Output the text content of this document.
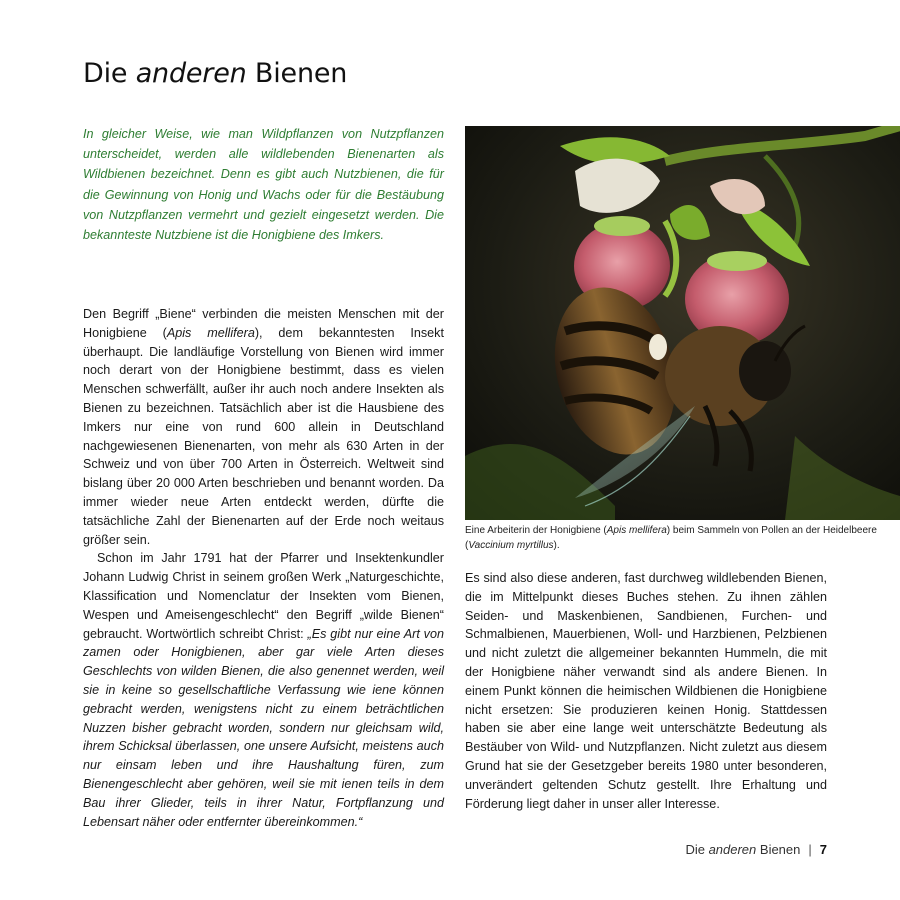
Die anderen Bienen

In gleicher Weise, wie man Wildpflanzen von Nutzpflanzen unterscheidet, werden alle wildlebenden Bienenarten als Wildbienen bezeichnet. Denn es gibt auch Nutzbienen, die für die Gewinnung von Honig und Wachs oder für die Bestäubung von Nutzpflanzen vermehrt und gezielt eingesetzt werden. Die bekannteste Nutzbiene ist die Honigbiene des Imkers.

Den Begriff „Biene“ verbinden die meisten Menschen mit der Honigbiene (Apis mellifera), dem bekanntesten Insekt überhaupt. Die landläufige Vorstellung von Bienen wird immer noch derart von der Honigbiene bestimmt, dass es vielen Menschen schwerfällt, außer ihr auch noch andere Insekten als Bienen zu bezeichnen. Tatsächlich aber ist die Hausbiene des Imkers nur eine von rund 600 allein in Deutschland nachgewiesenen Bienenarten, von mehr als 630 Arten in der Schweiz und von über 700 Arten in Österreich. Weltweit sind bislang über 20 000 Arten beschrieben und benannt worden. Da immer wieder neue Arten entdeckt werden, dürfte die tatsächliche Zahl der Bienenarten auf der Erde noch weitaus größer sein.

Schon im Jahr 1791 hat der Pfarrer und Insektenkundler Johann Ludwig Christ in seinem großen Werk „Naturgeschichte, Klassification und Nomenclatur der Insekten vom Bienen, Wespen und Ameisengeschlecht“ den Begriff „wilde Bienen“ gebraucht. Wortwörtlich schreibt Christ: „Es gibt nur eine Art von zamen oder Honigbienen, aber gar viele Arten dieses Geschlechts von wilden Bienen, die also genennet werden, weil sie in keine so gesellschaftliche Verfassung wie iene können gebracht werden, wenigstens nicht zu einem beträchtlichen Nuzzen bisher gebracht worden, sondern nur gleichsam wild, ihrem Schicksal überlassen, one unsere Aufsicht, meistens auch nur einsam leben und ihre Haushaltung füren, zum Bienengeschlecht aber gehören, weil sie mit ienen teils in dem Bau ihrer Glieder, teils in ihrer Natur, Fortpflanzung und Lebensart näher oder entfernter übereinkommen.“

Eine Arbeiterin der Honigbiene (Apis mellifera) beim Sammeln von Pollen an der Heidelbeere (Vaccinium myrtillus).

Es sind also diese anderen, fast durchweg wildlebenden Bienen, die im Mittelpunkt dieses Buches stehen. Zu ihnen zählen Seiden- und Maskenbienen, Sandbienen, Furchen- und Schmalbienen, Mauerbienen, Woll- und Harzbienen, Pelzbienen und nicht zuletzt die allgemeiner bekannten Hummeln, die mit der Honigbiene näher verwandt sind als andere Bienen. In einem Punkt können die heimischen Wildbienen die Honigbiene nicht ersetzen: Sie produzieren keinen Honig. Stattdessen haben sie aber eine lange weit unterschätzte Bedeutung als Bestäuber von Wild- und Nutzpflanzen. Nicht zuletzt aus diesem Grund hat sie der Gesetzgeber bereits 1980 unter besonderen, unverändert geltenden Schutz gestellt. Ihre Erhaltung und Förderung liegt daher in unser aller Interesse.

Die anderen Bienen | 7
